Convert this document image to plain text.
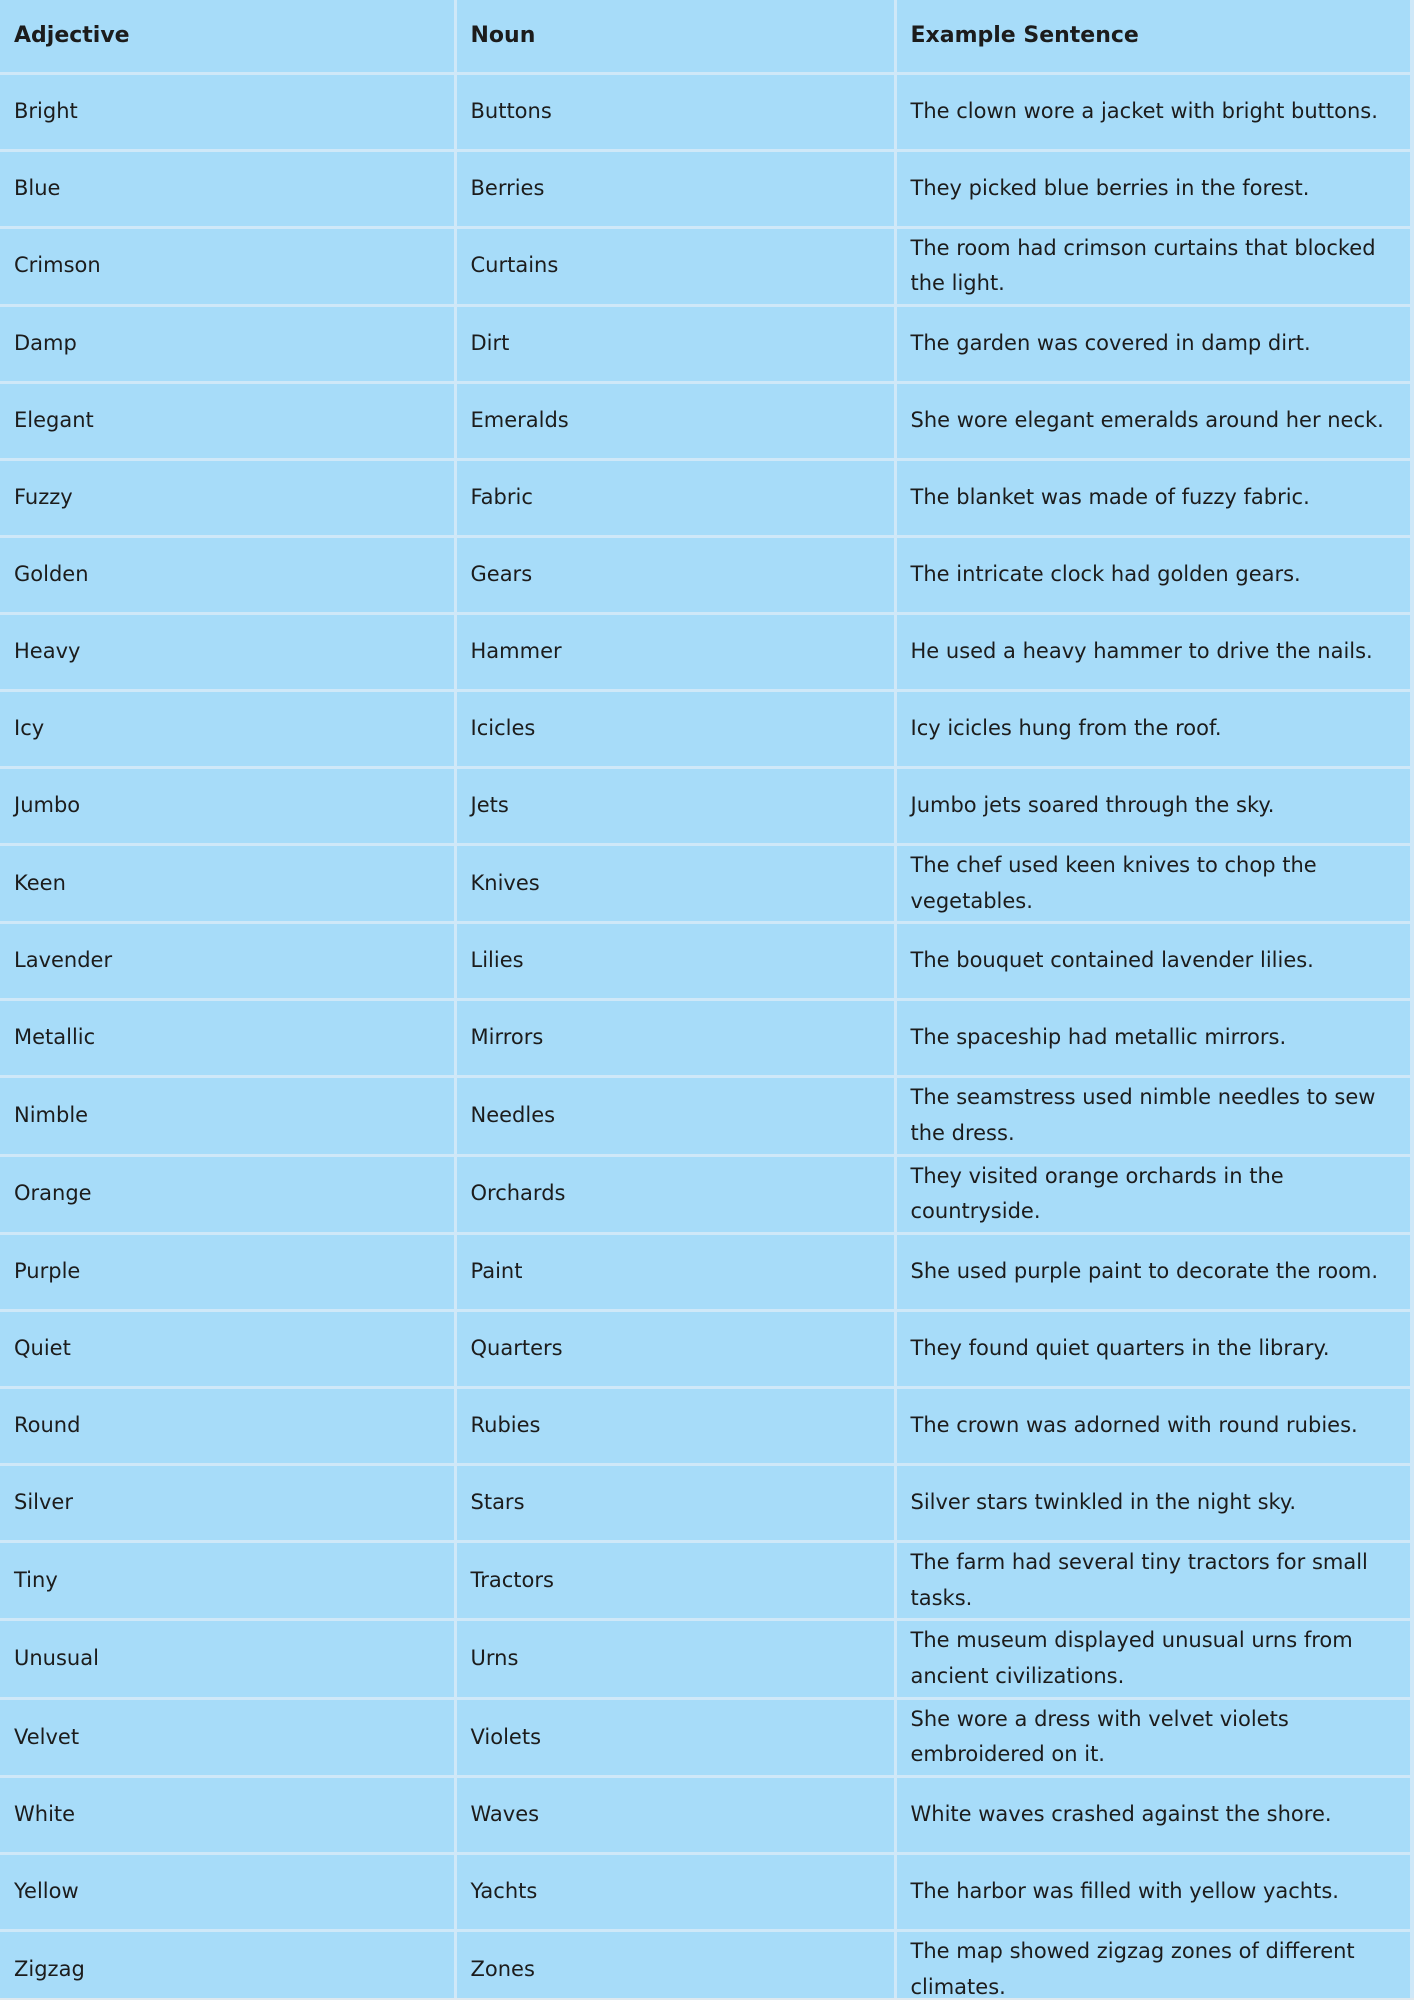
Adjective	Noun	Example Sentence
Bright	Buttons	The clown wore a jacket with bright buttons.
Blue	Berries	They picked blue berries in the forest.
Crimson	Curtains	The room had crimson curtains that blocked the light.
Damp	Dirt	The garden was covered in damp dirt.
Elegant	Emeralds	She wore elegant emeralds around her neck.
Fuzzy	Fabric	The blanket was made of fuzzy fabric.
Golden	Gears	The intricate clock had golden gears.
Heavy	Hammer	He used a heavy hammer to drive the nails.
Icy	Icicles	Icy icicles hung from the roof.
Jumbo	Jets	Jumbo jets soared through the sky.
Keen	Knives	The chef used keen knives to chop the vegetables.
Lavender	Lilies	The bouquet contained lavender lilies.
Metallic	Mirrors	The spaceship had metallic mirrors.
Nimble	Needles	The seamstress used nimble needles to sew the dress.
Orange	Orchards	They visited orange orchards in the countryside.
Purple	Paint	She used purple paint to decorate the room.
Quiet	Quarters	They found quiet quarters in the library.
Round	Rubies	The crown was adorned with round rubies.
Silver	Stars	Silver stars twinkled in the night sky.
Tiny	Tractors	The farm had several tiny tractors for small tasks.
Unusual	Urns	The museum displayed unusual urns from ancient civilizations.
Velvet	Violets	She wore a dress with velvet violets embroidered on it.
White	Waves	White waves crashed against the shore.
Yellow	Yachts	The harbor was filled with yellow yachts.
Zigzag	Zones	The map showed zigzag zones of different climates.
